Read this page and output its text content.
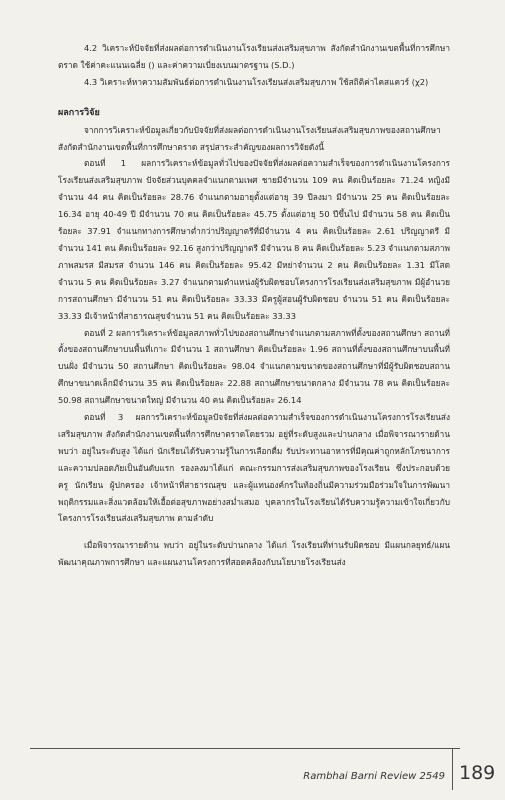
4.2 วิเคราะห์ปัจจัยที่ส่งผลต่อการดำเนินงานโรงเรียนส่งเสริมสุขภาพ สังกัดสำนักงานเขตพื้นที่การศึกษาตราด ใช้ค่าคะแนนเฉลี่ย () และค่าความเบี่ยงเบนมาตรฐาน (S.D.)

4.3 วิเคราะห์หาความสัมพันธ์ต่อการดำเนินงานโรงเรียนส่งเสริมสุขภาพ ใช้สถิติค่าไคสแควร์ (χ2)

ผลการวิจัย

จากการวิเคราะห์ข้อมูลเกี่ยวกับปัจจัยที่ส่งผลต่อการดำเนินงานโรงเรียนส่งเสริมสุขภาพของสถานศึกษา สังกัดสำนักงานเขตพื้นที่การศึกษาตราด สรุปสาระสำคัญของผลการวิจัยดังนี้

ตอนที่ 1 ผลการวิเคราะห์ข้อมูลทั่วไปของปัจจัยที่ส่งผลต่อความสำเร็จของการดำเนินงานโครงการโรงเรียนส่งเสริมสุขภาพ ปัจจัยส่วนบุคคลจำแนกตามเพศ ชายมีจำนวน 109 คน คิดเป็นร้อยละ 71.24 หญิงมีจำนวน 44 คน คิดเป็นร้อยละ 28.76 จำแนกตามอายุตั้งแต่อายุ 39 ปีลงมา มีจำนวน 25 คน คิดเป็นร้อยละ 16.34 อายุ 40-49 ปี มีจำนวน 70 คน คิดเป็นร้อยละ 45.75 ตั้งแต่อายุ 50 ปีขึ้นไป มีจำนวน 58 คน คิดเป็นร้อยละ 37.91 จำแนกทางการศึกษาต่ำกว่าปริญญาตรีที่มีจำนวน 4 คน คิดเป็นร้อยละ 2.61 ปริญญาตรี มีจำนวน 141 คน คิดเป็นร้อยละ 92.16 สูงกว่าปริญญาตรี มีจำนวน 8 คน คิดเป็นร้อยละ 5.23 จำแนกตามสภาพภาพสมรส มีสมรส จำนวน 146 คน คิดเป็นร้อยละ 95.42 มีหย่าจำนวน 2 คน คิดเป็นร้อยละ 1.31 มีโสดจำนวน 5 คน คิดเป็นร้อยละ 3.27 จำแนกตามตำแหน่งผู้รับผิดชอบโครงการโรงเรียนส่งเสริมสุขภาพ มีผู้อำนวยการสถานศึกษา มีจำนวน 51 คน คิดเป็นร้อยละ 33.33 มีครูผู้สอนผู้รับผิดชอบ จำนวน 51 คน คิดเป็นร้อยละ 33.33 มีเจ้าหน้าที่สาธารณสุขจำนวน 51 คน คิดเป็นร้อยละ 33.33

ตอนที่ 2 ผลการวิเคราะห์ข้อมูลสภาพทั่วไปของสถานศึกษาจำแนกตามสภาพที่ตั้งของสถานศึกษา สถานที่ตั้งของสถานศึกษาบนพื้นที่เกาะ มีจำนวน 1 สถานศึกษา คิดเป็นร้อยละ 1.96 สถานที่ตั้งของสถานศึกษาบนพื้นที่บนฝั่ง มีจำนวน 50 สถานศึกษา คิดเป็นร้อยละ 98.04 จำแนกตามขนาดของสถานศึกษาที่มีผู้รับผิดชอบสถานศึกษาขนาดเล็กมีจำนวน 35 คน คิดเป็นร้อยละ 22.88 สถานศึกษาขนาดกลาง มีจำนวน 78 คน คิดเป็นร้อยละ 50.98 สถานศึกษาขนาดใหญ่ มีจำนวน 40 คน คิดเป็นร้อยละ 26.14

ตอนที่ 3 ผลการวิเคราะห์ข้อมูลปัจจัยที่ส่งผลต่อความสำเร็จของการดำเนินงานโครงการโรงเรียนส่งเสริมสุขภาพ สังกัดสำนักงานเขตพื้นที่การศึกษาตราดโดยรวม อยู่ที่ระดับสูงและปานกลาง เมื่อพิจารณารายด้านพบว่า อยู่ในระดับสูง ได้แก่ นักเรียนได้รับความรู้ในการเลือกดื่ม รับประทานอาหารที่มีคุณค่าถูกหลักโภชนาการ และความปลอดภัยเป็นอันดับแรก รองลงมาได้แก่ คณะกรรมการส่งเสริมสุขภาพของโรงเรียน ซึ่งประกอบด้วย ครู นักเรียน ผู้ปกครอง เจ้าหน้าที่สาธารณสุข และผู้แทนองค์กรในท้องถิ่นมีความร่วมมือร่วมใจในการพัฒนาพฤติกรรมและสิ่งแวดล้อมให้เอื้อต่อสุขภาพอย่างสม่ำเสมอ บุคลากรในโรงเรียนได้รับความรู้ความเข้าใจเกี่ยวกับโครงการโรงเรียนส่งเสริมสุขภาพ ตามลำดับ

เมื่อพิจารณารายด้าน พบว่า อยู่ในระดับปานกลาง ได้แก่ โรงเรียนที่ท่านรับผิดชอบ มีแผนกลยุทธ์/แผนพัฒนาคุณภาพการศึกษา และแผนงานโครงการที่สอดคล้องกับนโยบายโรงเรียนส่ง

Rambhai Barni Review 2549 189
